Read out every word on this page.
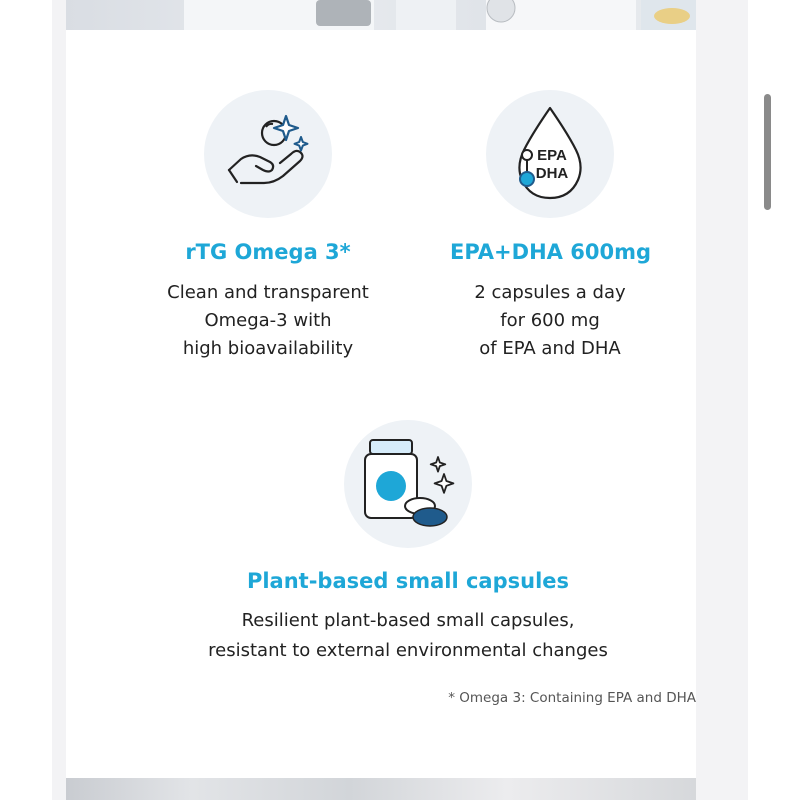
rTG Omega 3*
Clean and transparent
Omega-3 with
high bioavailability
EPA
DHA
EPA+DHA 600mg
2 capsules a day
for 600 mg
of EPA and DHA
Plant-based small capsules
Resilient plant-based small capsules,
resistant to external environmental changes
* Omega 3: Containing EPA and DHA
